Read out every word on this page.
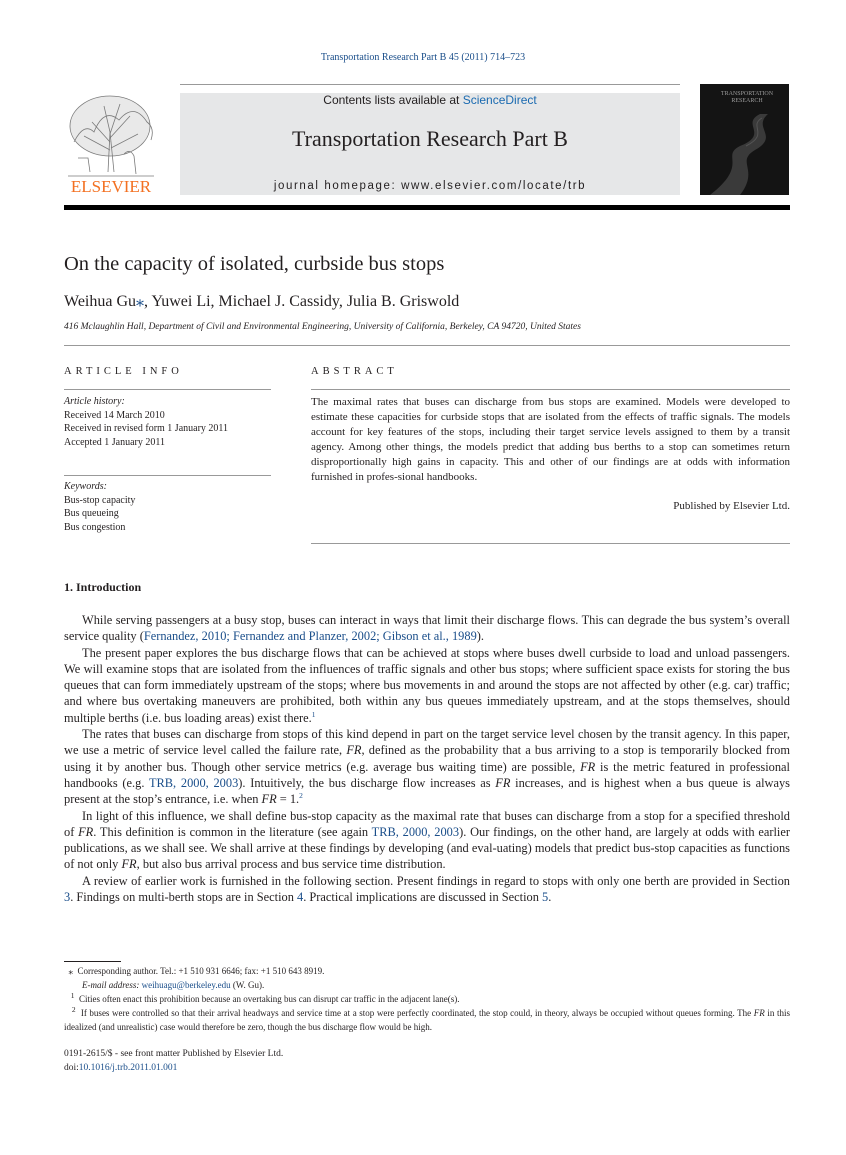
Transportation Research Part B 45 (2011) 714–723
ELSEVIER
Contents lists available at ScienceDirect
Transportation Research Part B
journal homepage: www.elsevier.com/locate/trb
TRANSPORTATION
RESEARCH
On the capacity of isolated, curbside bus stops
Weihua Gu⁎, Yuwei Li, Michael J. Cassidy, Julia B. Griswold
416 Mclaughlin Hall, Department of Civil and Environmental Engineering, University of California, Berkeley, CA 94720, United States
ARTICLE INFO
Article history:
Received 14 March 2010
Received in revised form 1 January 2011
Accepted 1 January 2011
Keywords:
Bus-stop capacity
Bus queueing
Bus congestion
ABSTRACT
The maximal rates that buses can discharge from bus stops are examined. Models were developed to estimate these capacities for curbside stops that are isolated from the effects of traffic signals. The models account for key features of the stops, including their target service levels assigned to them by a transit agency. Among other things, the models predict that adding bus berths to a stop can sometimes return disproportionally high gains in capacity. This and other of our findings are at odds with information furnished in profes-sional handbooks.
Published by Elsevier Ltd.
1. Introduction

While serving passengers at a busy stop, buses can interact in ways that limit their discharge flows. This can degrade the bus system’s overall service quality (Fernandez, 2010; Fernandez and Planzer, 2002; Gibson et al., 1989).

The present paper explores the bus discharge flows that can be achieved at stops where buses dwell curbside to load and unload passengers. We will examine stops that are isolated from the influences of traffic signals and other bus stops; where sufficient space exists for storing the bus queues that can form immediately upstream of the stops; where bus movements in and around the stops are not affected by other (e.g. car) traffic; and where bus overtaking maneuvers are prohibited, both within any bus queues immediately upstream, and at the stops themselves, should multiple berths (i.e. bus loading areas) exist there.$^1$

The rates that buses can discharge from stops of this kind depend in part on the target service level chosen by the transit agency. In this paper, we use a metric of service level called the failure rate, FR, defined as the probability that a bus arriving to a stop is temporarily blocked from using it by another bus. Though other service metrics (e.g. average bus waiting time) are possible, FR is the metric featured in professional handbooks (e.g. TRB, 2000, 2003). Intuitively, the bus discharge flow increases as FR increases, and is highest when a bus queue is always present at the stop’s entrance, i.e. when FR = 1.$^2$

In light of this influence, we shall define bus-stop capacity as the maximal rate that buses can discharge from a stop for a specified threshold of FR. This definition is common in the literature (see again TRB, 2000, 2003). Our findings, on the other hand, are largely at odds with earlier publications, as we shall see. We shall arrive at these findings by developing (and eval-uating) models that predict bus-stop capacities as functions of not only FR, but also bus arrival process and bus service time distribution.

A review of earlier work is furnished in the following section. Present findings in regard to stops with only one berth are provided in Section 3. Findings on multi-berth stops are in Section 4. Practical implications are discussed in Section 5.

⁎ Corresponding author. Tel.: +1 510 931 6646; fax: +1 510 643 8919.

E-mail address: weihuagu@berkeley.edu (W. Gu).

$^1$ Cities often enact this prohibition because an overtaking bus can disrupt car traffic in the adjacent lane(s).

$^2$ If buses were controlled so that their arrival headways and service time at a stop were perfectly coordinated, the stop could, in theory, always be occupied without queues forming. The FR in this idealized (and unrealistic) case would therefore be zero, though the bus discharge flow would be high.

0191-2615/$ - see front matter Published by Elsevier Ltd.
doi:10.1016/j.trb.2011.01.001
